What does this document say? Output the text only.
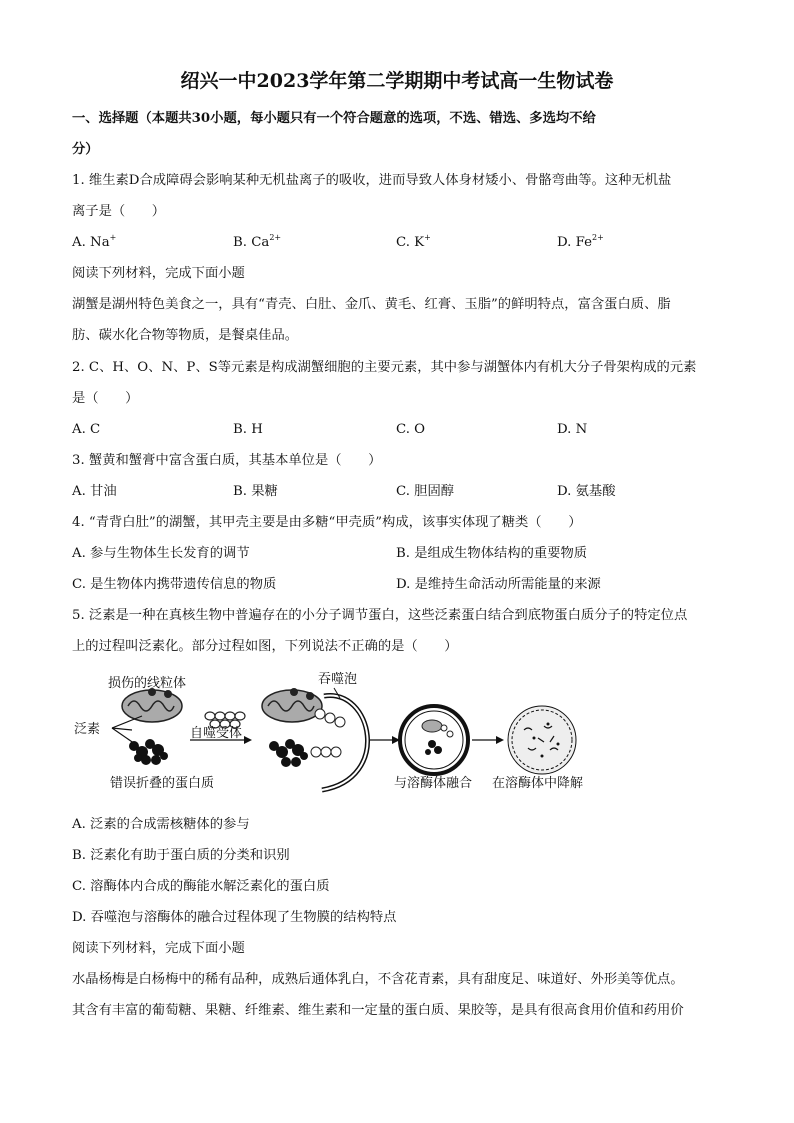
绍兴一中2023学年第二学期期中考试高一生物试卷
一、选择题（本题共30小题，每小题只有一个符合题意的选项，不选、错选、多选均不给
分）
1. 维生素D合成障碍会影响某种无机盐离子的吸收，进而导致人体身材矮小、骨骼弯曲等。这种无机盐
离子是（　　）
A. Na+	B. $Ca^{2+}$	C. K+	D. $Fe^{2+}$
阅读下列材料，完成下面小题
湖蟹是湖州特色美食之一，具有“青壳、白肚、金爪、黄毛、红膏、玉脂”的鲜明特点，富含蛋白质、脂
肪、碳水化合物等物质，是餐桌佳品。
2. C、H、O、N、P、S等元素是构成湖蟹细胞的主要元素，其中参与湖蟹体内有机大分子骨架构成的元素
是（　　）
A. C	B. H	C. O	D. N
3. 蟹黄和蟹膏中富含蛋白质，其基本单位是（　　）
A. 甘油	B. 果糖	C. 胆固醇	D. 氨基酸
4. “青背白肚”的湖蟹，其甲壳主要是由多糖“甲壳质”构成，该事实体现了糖类（　　）
A. 参与生物体生长发育的调节	B. 是组成生物体结构的重要物质
C. 是生物体内携带遗传信息的物质	D. 是维持生命活动所需能量的来源
5. 泛素是一种在真核生物中普遍存在的小分子调节蛋白，这些泛素蛋白结合到底物蛋白质分子的特定位点
上的过程叫泛素化。部分过程如图，下列说法不正确的是（　　）
损伤的线粒体
泛素	自噬受体
错误折叠的蛋白质
吞噬泡
与溶酶体融合 在溶酶体中降解
A. 泛素的合成需核糖体的参与
B. 泛素化有助于蛋白质的分类和识别
C. 溶酶体内合成的酶能水解泛素化的蛋白质
D. 吞噬泡与溶酶体的融合过程体现了生物膜的结构特点
阅读下列材料，完成下面小题
水晶杨梅是白杨梅中的稀有品种，成熟后通体乳白，不含花青素，具有甜度足、味道好、外形美等优点。
其含有丰富的葡萄糖、果糖、纤维素、维生素和一定量的蛋白质、果胶等，是具有很高食用价值和药用价
